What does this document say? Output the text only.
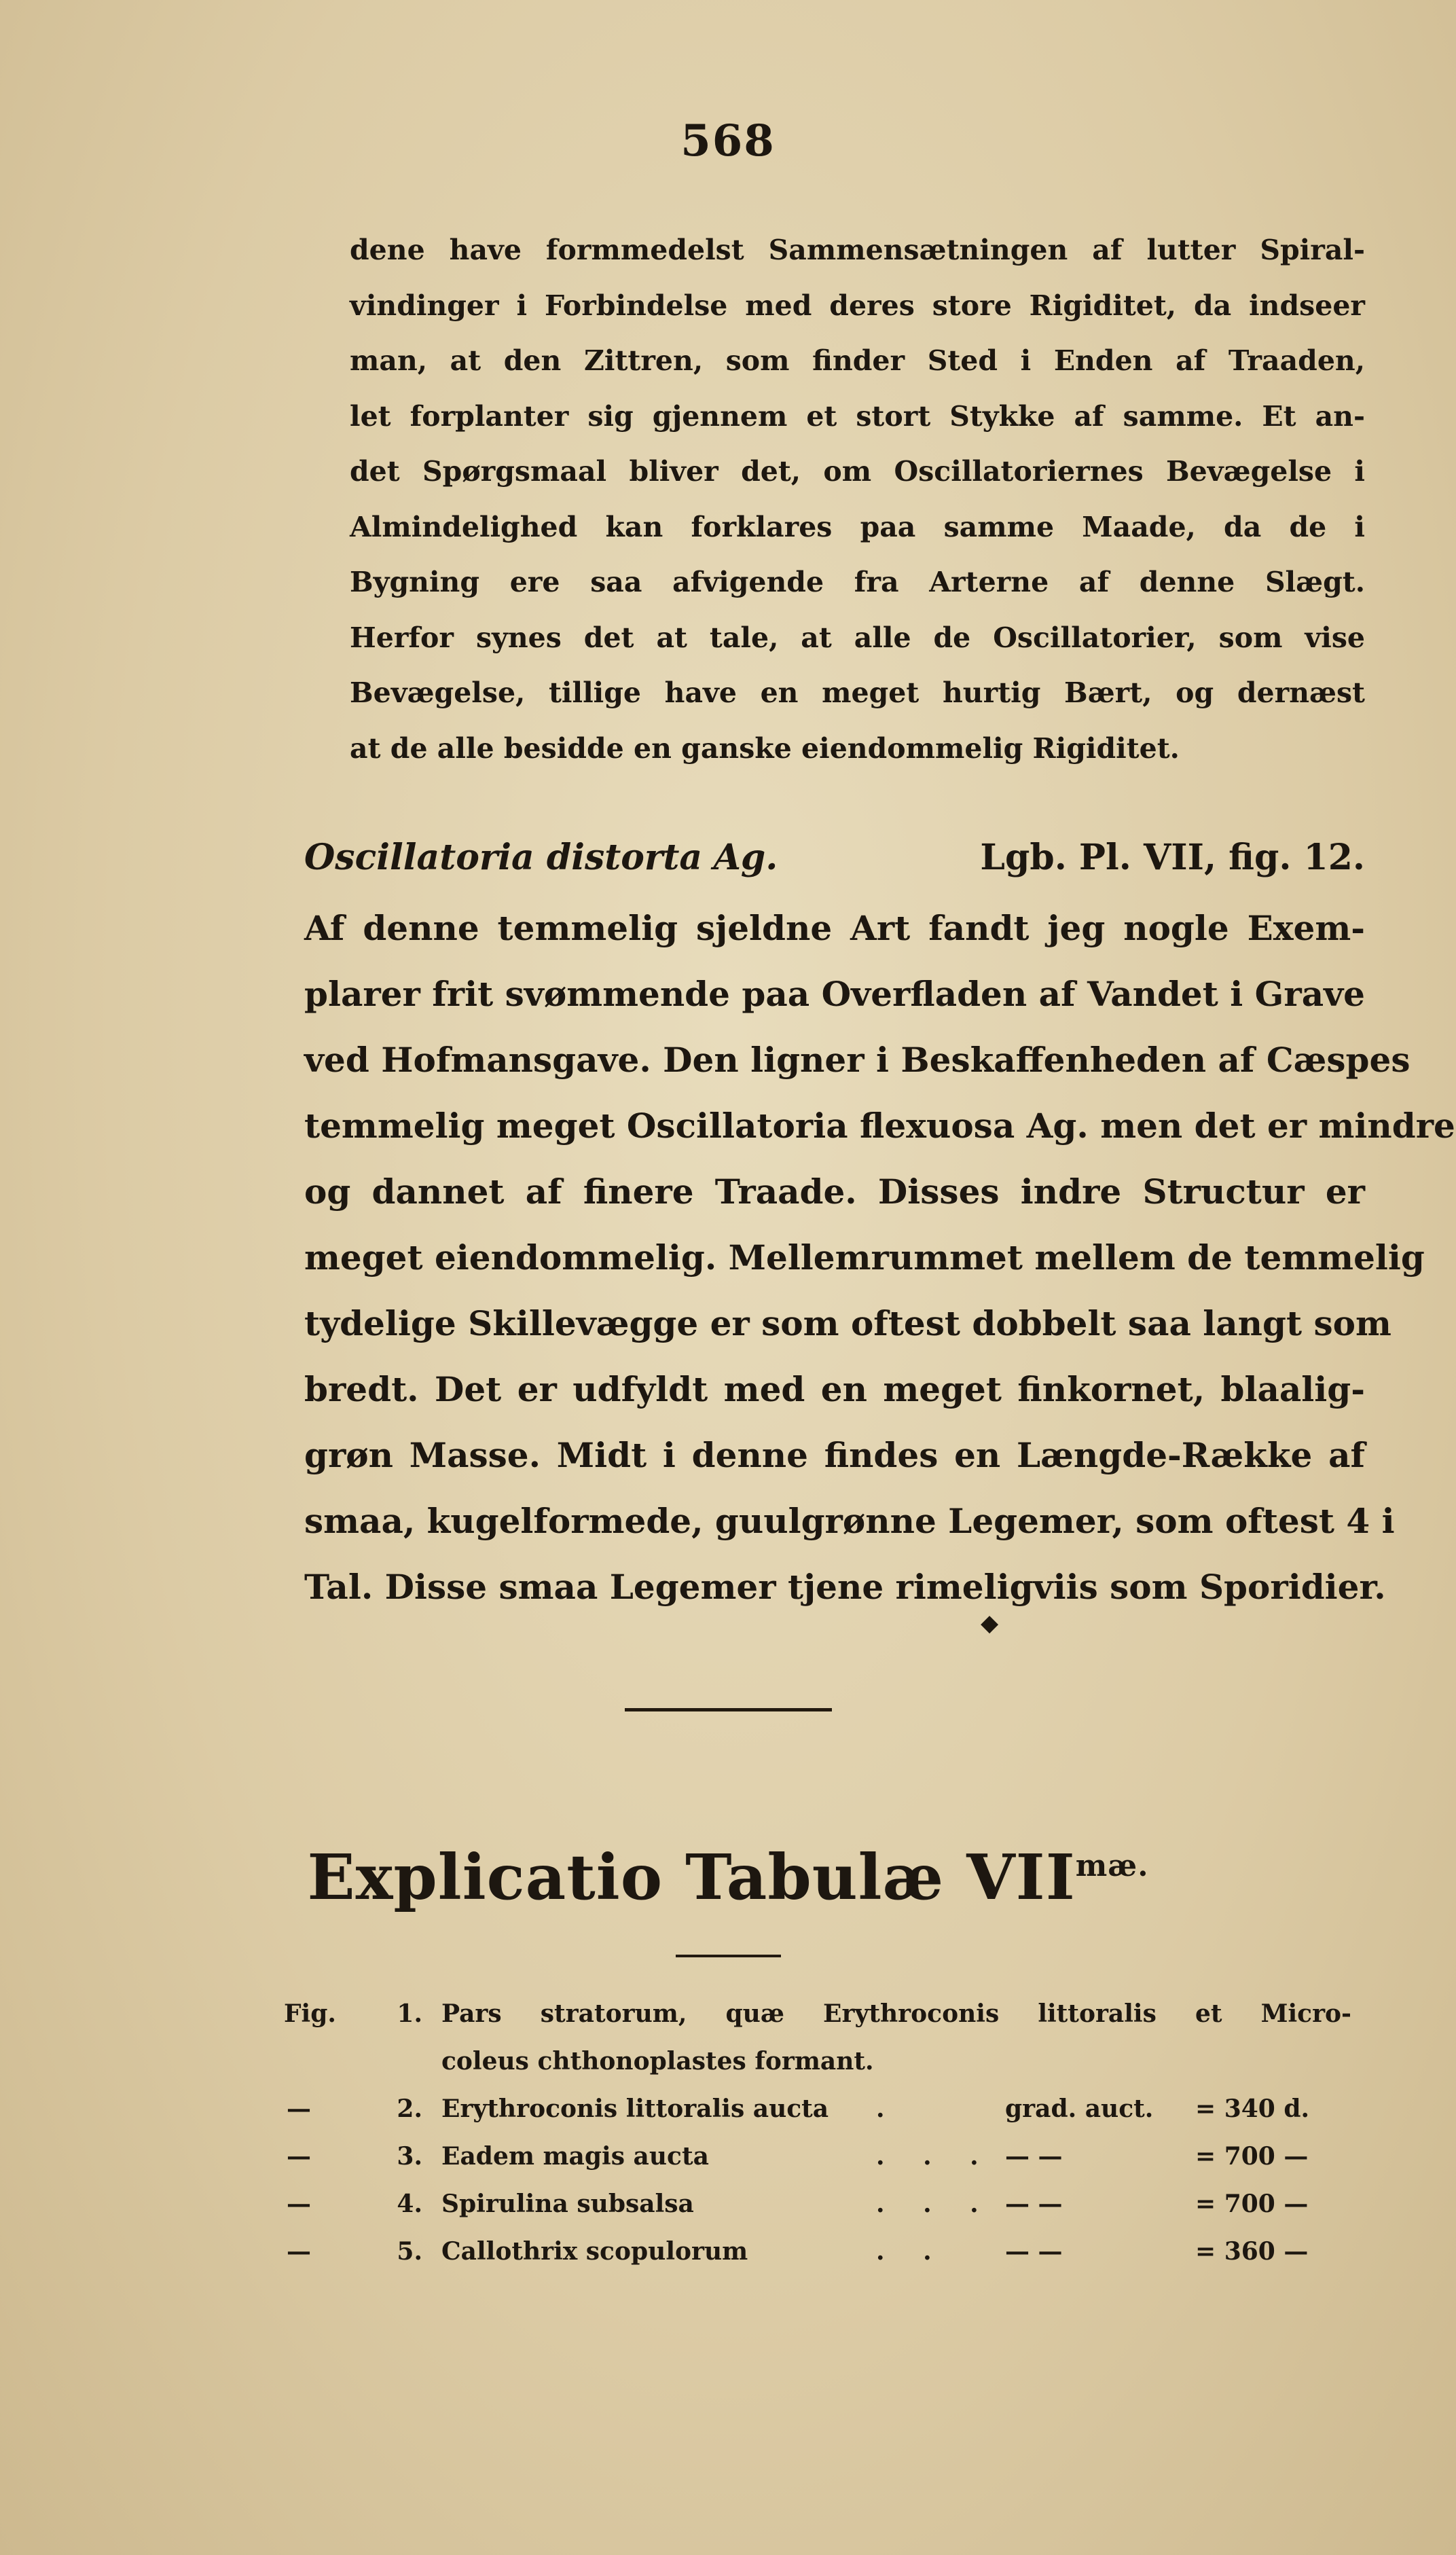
568
dene have formmedelst Sammensætningen af lutter Spiral-
vindinger i Forbindelse med deres store Rigiditet, da indseer
man, at den Zittren, som finder Sted i Enden af Traaden,
let forplanter sig gjennem et stort Stykke af samme. Et an-
det Spørgsmaal bliver det, om Oscillatoriernes Bevægelse i
Almindelighed kan forklares paa samme Maade, da de i
Bygning ere saa afvigende fra Arterne af denne Slægt.
Herfor synes det at tale, at alle de Oscillatorier, som vise
Bevægelse, tillige have en meget hurtig Bært, og dernæst
at de alle besidde en ganske eiendommelig Rigiditet.
Oscillatoria distorta Ag.	Lgb. Pl. VII, fig. 12.
Af denne temmelig sjeldne Art fandt jeg nogle Exem-
plarer frit svømmende paa Overfladen af Vandet i Grave
ved Hofmansgave. Den ligner i Beskaffenheden af Cæspes
temmelig meget Oscillatoria flexuosa Ag. men det er mindre
og dannet af finere Traade. Disses indre Structur er
meget eiendommelig. Mellemrummet mellem de temmelig
tydelige Skillevægge er som oftest dobbelt saa langt som
bredt. Det er udfyldt med en meget finkornet, blaalig-
grøn Masse. Midt i denne findes en Længde-Række af
smaa, kugelformede, guulgrønne Legemer, som oftest 4 i
Tal. Disse smaa Legemer tjene rimeligviis som Sporidier.
◆
Explicatio Tabulæ $VII^{mæ.}$
Fig.	1. Pars stratorum, quæ Erythroconis littoralis et Micro-
coleus chthonoplastes formant.
—	2. Erythroconis littoralis aucta .	grad. auct. = 340 d.
—	3. Eadem magis aucta	. . . — —	= 700 —
—	4. Spirulina subsalsa	. . . — —	= 700 —
—	5. Callothrix scopulorum	. . — —	= 360 —
